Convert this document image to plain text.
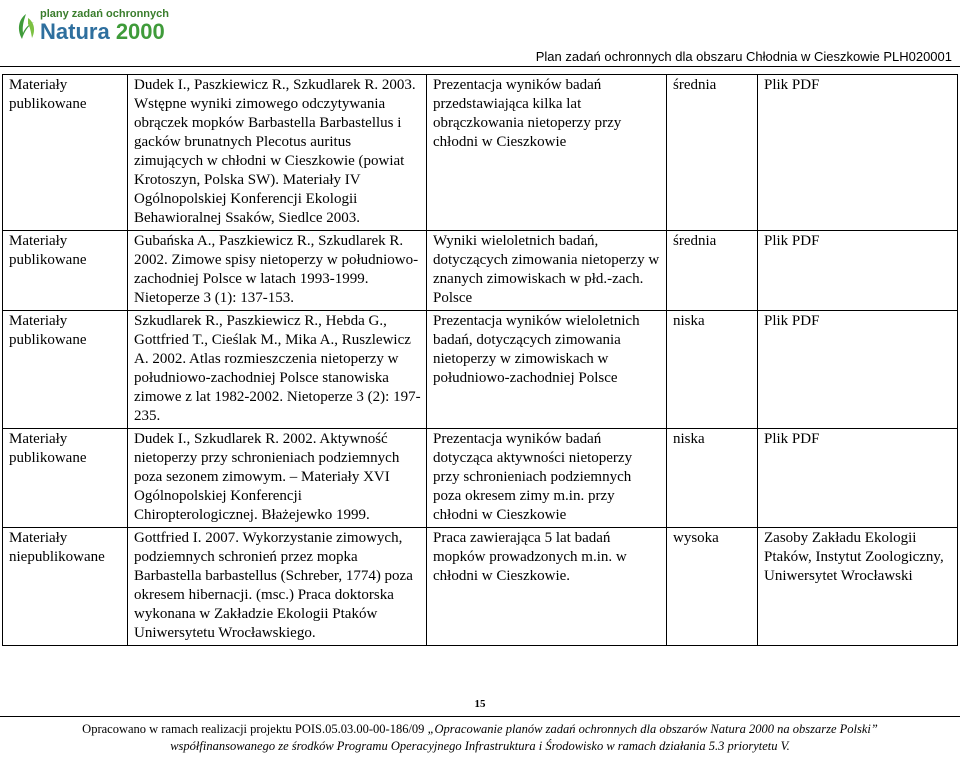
plany zadań ochronnych
Natura 2000
Plan zadań ochronnych dla obszaru Chłodnia w Cieszkowie PLH020001
Materiały publikowane	Dudek I., Paszkiewicz R., Szkudlarek R. 2003. Wstępne wyniki zimowego odczytywania obrączek mopków Barbastella Barbastellus i gacków brunatnych Plecotus auritus zimujących w chłodni w Cieszkowie (powiat Krotoszyn, Polska SW). Materiały IV Ogólnopolskiej Konferencji Ekologii Behawioralnej Ssaków, Siedlce 2003.	Prezentacja wyników badań przedstawiająca kilka lat obrączkowania nietoperzy przy chłodni w Cieszkowie	średnia	Plik PDF
Materiały publikowane	Gubańska A., Paszkiewicz R., Szkudlarek R. 2002. Zimowe spisy nietoperzy w południowo-zachodniej Polsce w latach 1993-1999. Nietoperze 3 (1): 137-153.	Wyniki wieloletnich badań, dotyczących zimowania nietoperzy w znanych zimowiskach w płd.-zach. Polsce	średnia	Plik PDF
Materiały publikowane	Szkudlarek R., Paszkiewicz R., Hebda G., Gottfried T., Cieślak M., Mika A., Ruszlewicz A. 2002. Atlas rozmieszczenia nietoperzy w południowo-zachodniej Polsce stanowiska zimowe z lat 1982-2002. Nietoperze 3 (2): 197-235.	Prezentacja wyników wieloletnich badań, dotyczących zimowania nietoperzy w zimowiskach w południowo-zachodniej Polsce	niska	Plik PDF
Materiały publikowane	Dudek I., Szkudlarek R. 2002. Aktywność nietoperzy przy schronieniach podziemnych poza sezonem zimowym. – Materiały XVI Ogólnopolskiej Konferencji Chiropterologicznej. Błażejewko 1999.	Prezentacja wyników badań dotycząca aktywności nietoperzy przy schronieniach podziemnych poza okresem zimy m.in. przy chłodni w Cieszkowie	niska	Plik PDF
Materiały niepublikowane	Gottfried I. 2007. Wykorzystanie zimowych, podziemnych schronień przez mopka Barbastella barbastellus (Schreber, 1774) poza okresem hibernacji. (msc.) Praca doktorska wykonana w Zakładzie Ekologii Ptaków Uniwersytetu Wrocławskiego.	Praca zawierająca 5 lat badań mopków prowadzonych m.in. w chłodni w Cieszkowie.	wysoka	Zasoby Zakładu Ekologii Ptaków, Instytut Zoologiczny, Uniwersytet Wrocławski
15
Opracowano w ramach realizacji projektu POIS.05.03.00-00-186/09 „Opracowanie planów zadań ochronnych dla obszarów Natura 2000 na obszarze Polski”
współfinansowanego ze środków Programu Operacyjnego Infrastruktura i Środowisko w ramach działania 5.3 priorytetu V.
